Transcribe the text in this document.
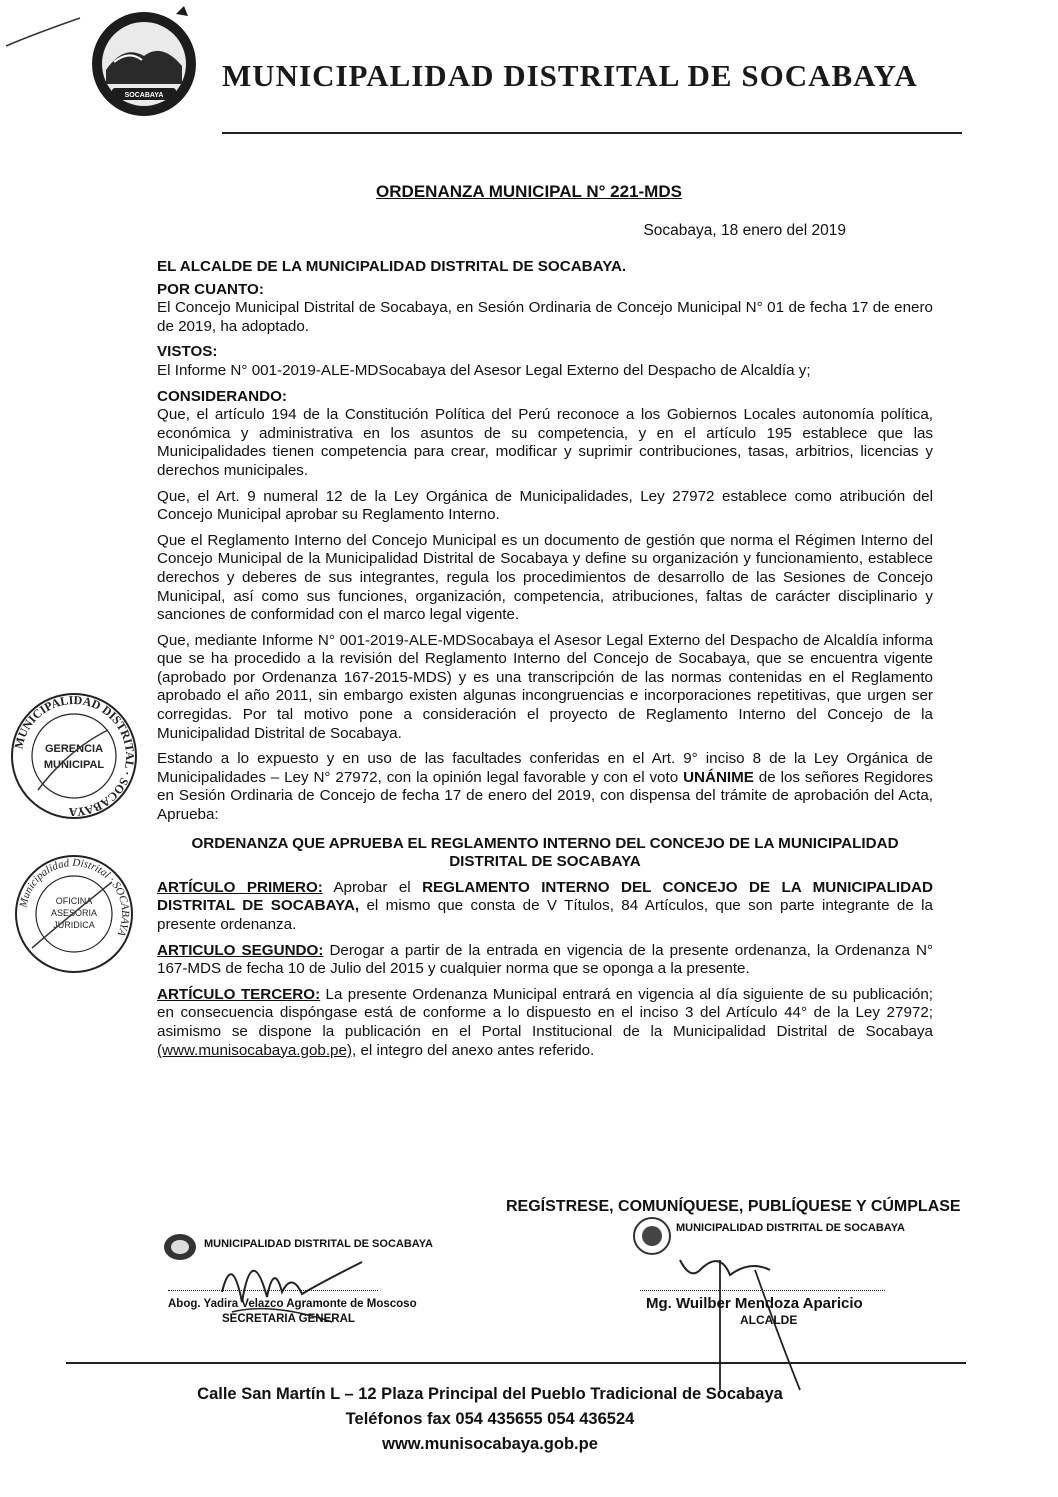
SOCABAYA
MUNICIPALIDAD DISTRITAL DE SOCABAYA
ORDENANZA MUNICIPAL N° 221-MDS
Socabaya, 18 enero del 2019

EL ALCALDE DE LA MUNICIPALIDAD DISTRITAL DE SOCABAYA.

POR CUANTO:

El Concejo Municipal Distrital de Socabaya, en Sesión Ordinaria de Concejo Municipal N° 01 de fecha 17 de enero de 2019, ha adoptado.

VISTOS:

El Informe N° 001-2019-ALE-MDSocabaya del Asesor Legal Externo del Despacho de Alcaldía y;

CONSIDERANDO:

Que, el artículo 194 de la Constitución Política del Perú reconoce a los Gobiernos Locales autonomía política, económica y administrativa en los asuntos de su competencia, y en el artículo 195 establece que las Municipalidades tienen competencia para crear, modificar y suprimir contribuciones, tasas, arbitrios, licencias y derechos municipales.

Que, el Art. 9 numeral 12 de la Ley Orgánica de Municipalidades, Ley 27972 establece como atribución del Concejo Municipal aprobar su Reglamento Interno.

Que el Reglamento Interno del Concejo Municipal es un documento de gestión que norma el Régimen Interno del Concejo Municipal de la Municipalidad Distrital de Socabaya y define su organización y funcionamiento, establece derechos y deberes de sus integrantes, regula los procedimientos de desarrollo de las Sesiones de Concejo Municipal, así como sus funciones, organización, competencia, atribuciones, faltas de carácter disciplinario y sanciones de conformidad con el marco legal vigente.

Que, mediante Informe N° 001-2019-ALE-MDSocabaya el Asesor Legal Externo del Despacho de Alcaldía informa que se ha procedido a la revisión del Reglamento Interno del Concejo de Socabaya, que se encuentra vigente (aprobado por Ordenanza 167-2015-MDS) y es una transcripción de las normas contenidas en el Reglamento aprobado el año 2011, sin embargo existen algunas incongruencias e incorporaciones repetitivas, que urgen ser corregidas. Por tal motivo pone a consideración el proyecto de Reglamento Interno del Concejo de la Municipalidad Distrital de Socabaya.

Estando a lo expuesto y en uso de las facultades conferidas en el Art. 9° inciso 8 de la Ley Orgánica de Municipalidades – Ley N° 27972, con la opinión legal favorable y con el voto UNÁNIME de los señores Regidores en Sesión Ordinaria de Concejo de fecha 17 de enero del 2019, con dispensa del trámite de aprobación del Acta, Aprueba:

ORDENANZA QUE APRUEBA EL REGLAMENTO INTERNO DEL CONCEJO DE LA MUNICIPALIDAD DISTRITAL DE SOCABAYA

ARTÍCULO PRIMERO: Aprobar el REGLAMENTO INTERNO DEL CONCEJO DE LA MUNICIPALIDAD DISTRITAL DE SOCABAYA, el mismo que consta de V Títulos, 84 Artículos, que son parte integrante de la presente ordenanza.

ARTICULO SEGUNDO: Derogar a partir de la entrada en vigencia de la presente ordenanza, la Ordenanza N° 167-MDS de fecha 10 de Julio del 2015 y cualquier norma que se oponga a la presente.

ARTÍCULO TERCERO: La presente Ordenanza Municipal entrará en vigencia al día siguiente de su publicación; en consecuencia dispóngase está de conforme a lo dispuesto en el inciso 3 del Artículo 44° de la Ley 27972; asimismo se dispone la publicación en el Portal Institucional de la Municipalidad Distrital de Socabaya (www.munisocabaya.gob.pe), el integro del anexo antes referido.

MUNICIPALIDAD DISTRITAL · SOCABAYA
GERENCIA
MUNICIPAL
Municipalidad Distrital · SOCABAYA
OFICINA
ASESORIA
JURIDICA
REGÍSTRESE, COMUNÍQUESE, PUBLÍQUESE Y CÚMPLASE
MUNICIPALIDAD DISTRITAL DE SOCABAYA
Abog. Yadira Velazco Agramonte de Moscoso
SECRETARIA GENERAL
MUNICIPALIDAD DISTRITAL DE SOCABAYA
Mg. Wuilber Mendoza Aparicio
ALCALDE
Calle San Martín L – 12 Plaza Principal del Pueblo Tradicional de Socabaya
Teléfonos fax 054 435655 054 436524
www.munisocabaya.gob.pe
